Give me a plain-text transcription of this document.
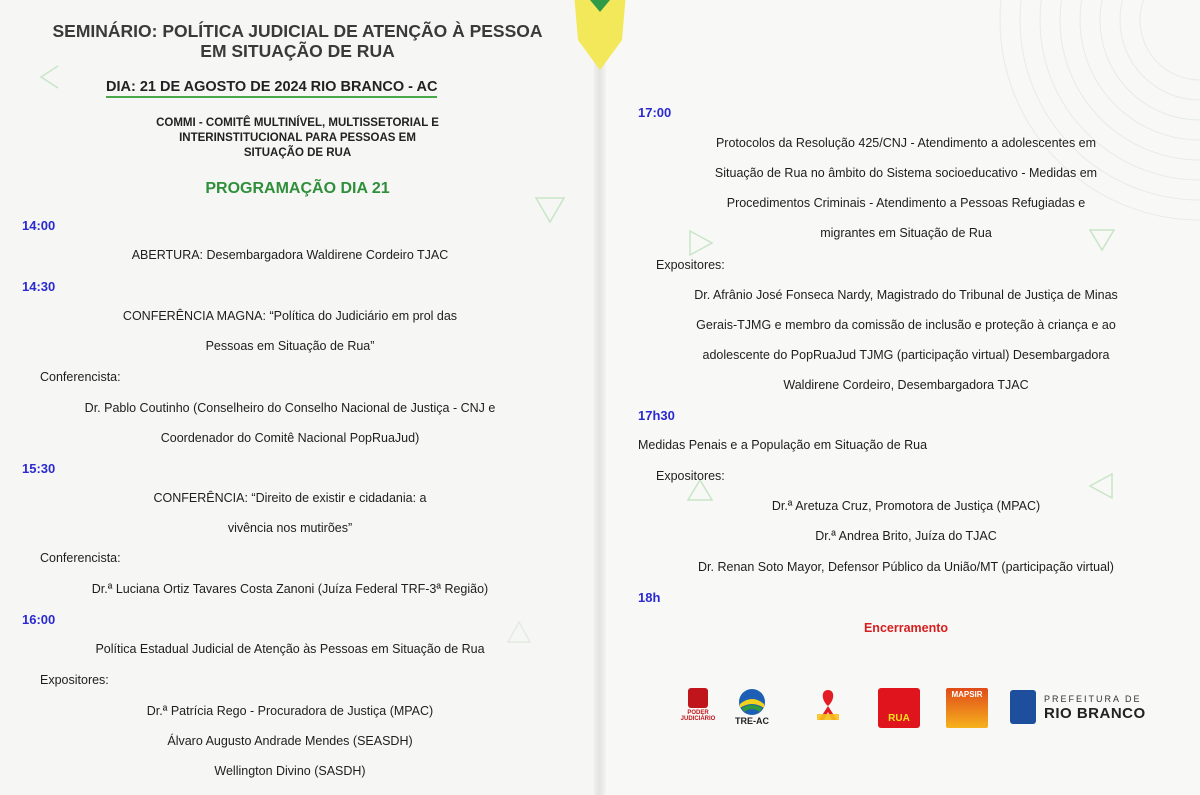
SEMINÁRIO: POLÍTICA JUDICIAL DE ATENÇÃO À PESSOA
EM SITUAÇÃO DE RUA
DIA: 21 DE AGOSTO DE 2024 RIO BRANCO - AC
COMMI - COMITÊ MULTINÍVEL, MULTISSETORIAL E
INTERINSTITUCIONAL PARA PESSOAS EM
SITUAÇÃO DE RUA
PROGRAMAÇÃO DIA 21
14:00
ABERTURA: Desembargadora Waldirene Cordeiro TJAC
14:30
CONFERÊNCIA MAGNA: “Política do Judiciário em prol das
Pessoas em Situação de Rua”
Conferencista:
Dr. Pablo Coutinho (Conselheiro do Conselho Nacional de Justiça - CNJ e
Coordenador do Comitê Nacional PopRuaJud)
15:30
CONFERÊNCIA: “Direito de existir e cidadania: a
vivência nos mutirões”
Conferencista:
Dr.ª Luciana Ortiz Tavares Costa Zanoni (Juíza Federal TRF-3ª Região)
16:00
Política Estadual Judicial de Atenção às Pessoas em Situação de Rua
Expositores:
Dr.ª Patrícia Rego - Procuradora de Justiça (MPAC)
Álvaro Augusto Andrade Mendes (SEASDH)
Wellington Divino (SASDH)
17:00
Protocolos da Resolução 425/CNJ - Atendimento a adolescentes em
Situação de Rua no âmbito do Sistema socioeducativo - Medidas em
Procedimentos Criminais - Atendimento a Pessoas Refugiadas e
migrantes em Situação de Rua
Expositores:
Dr. Afrânio José Fonseca Nardy, Magistrado do Tribunal de Justiça de Minas
Gerais-TJMG e membro da comissão de inclusão e proteção à criança e ao
adolescente do PopRuaJud TJMG (participação virtual) Desembargadora
Waldirene Cordeiro, Desembargadora TJAC
17h30
Medidas Penais e a População em Situação de Rua
Expositores:
Dr.ª Aretuza Cruz, Promotora de Justiça (MPAC)
Dr.ª Andrea Brito, Juíza do TJAC
Dr. Renan Soto Mayor, Defensor Público da União/MT (participação virtual)
18h
Encerramento
PODER JUDICIÁRIO	TRE-AC	RUA
MAPSIR	PREFEITURA DE
RIO BRANCO
